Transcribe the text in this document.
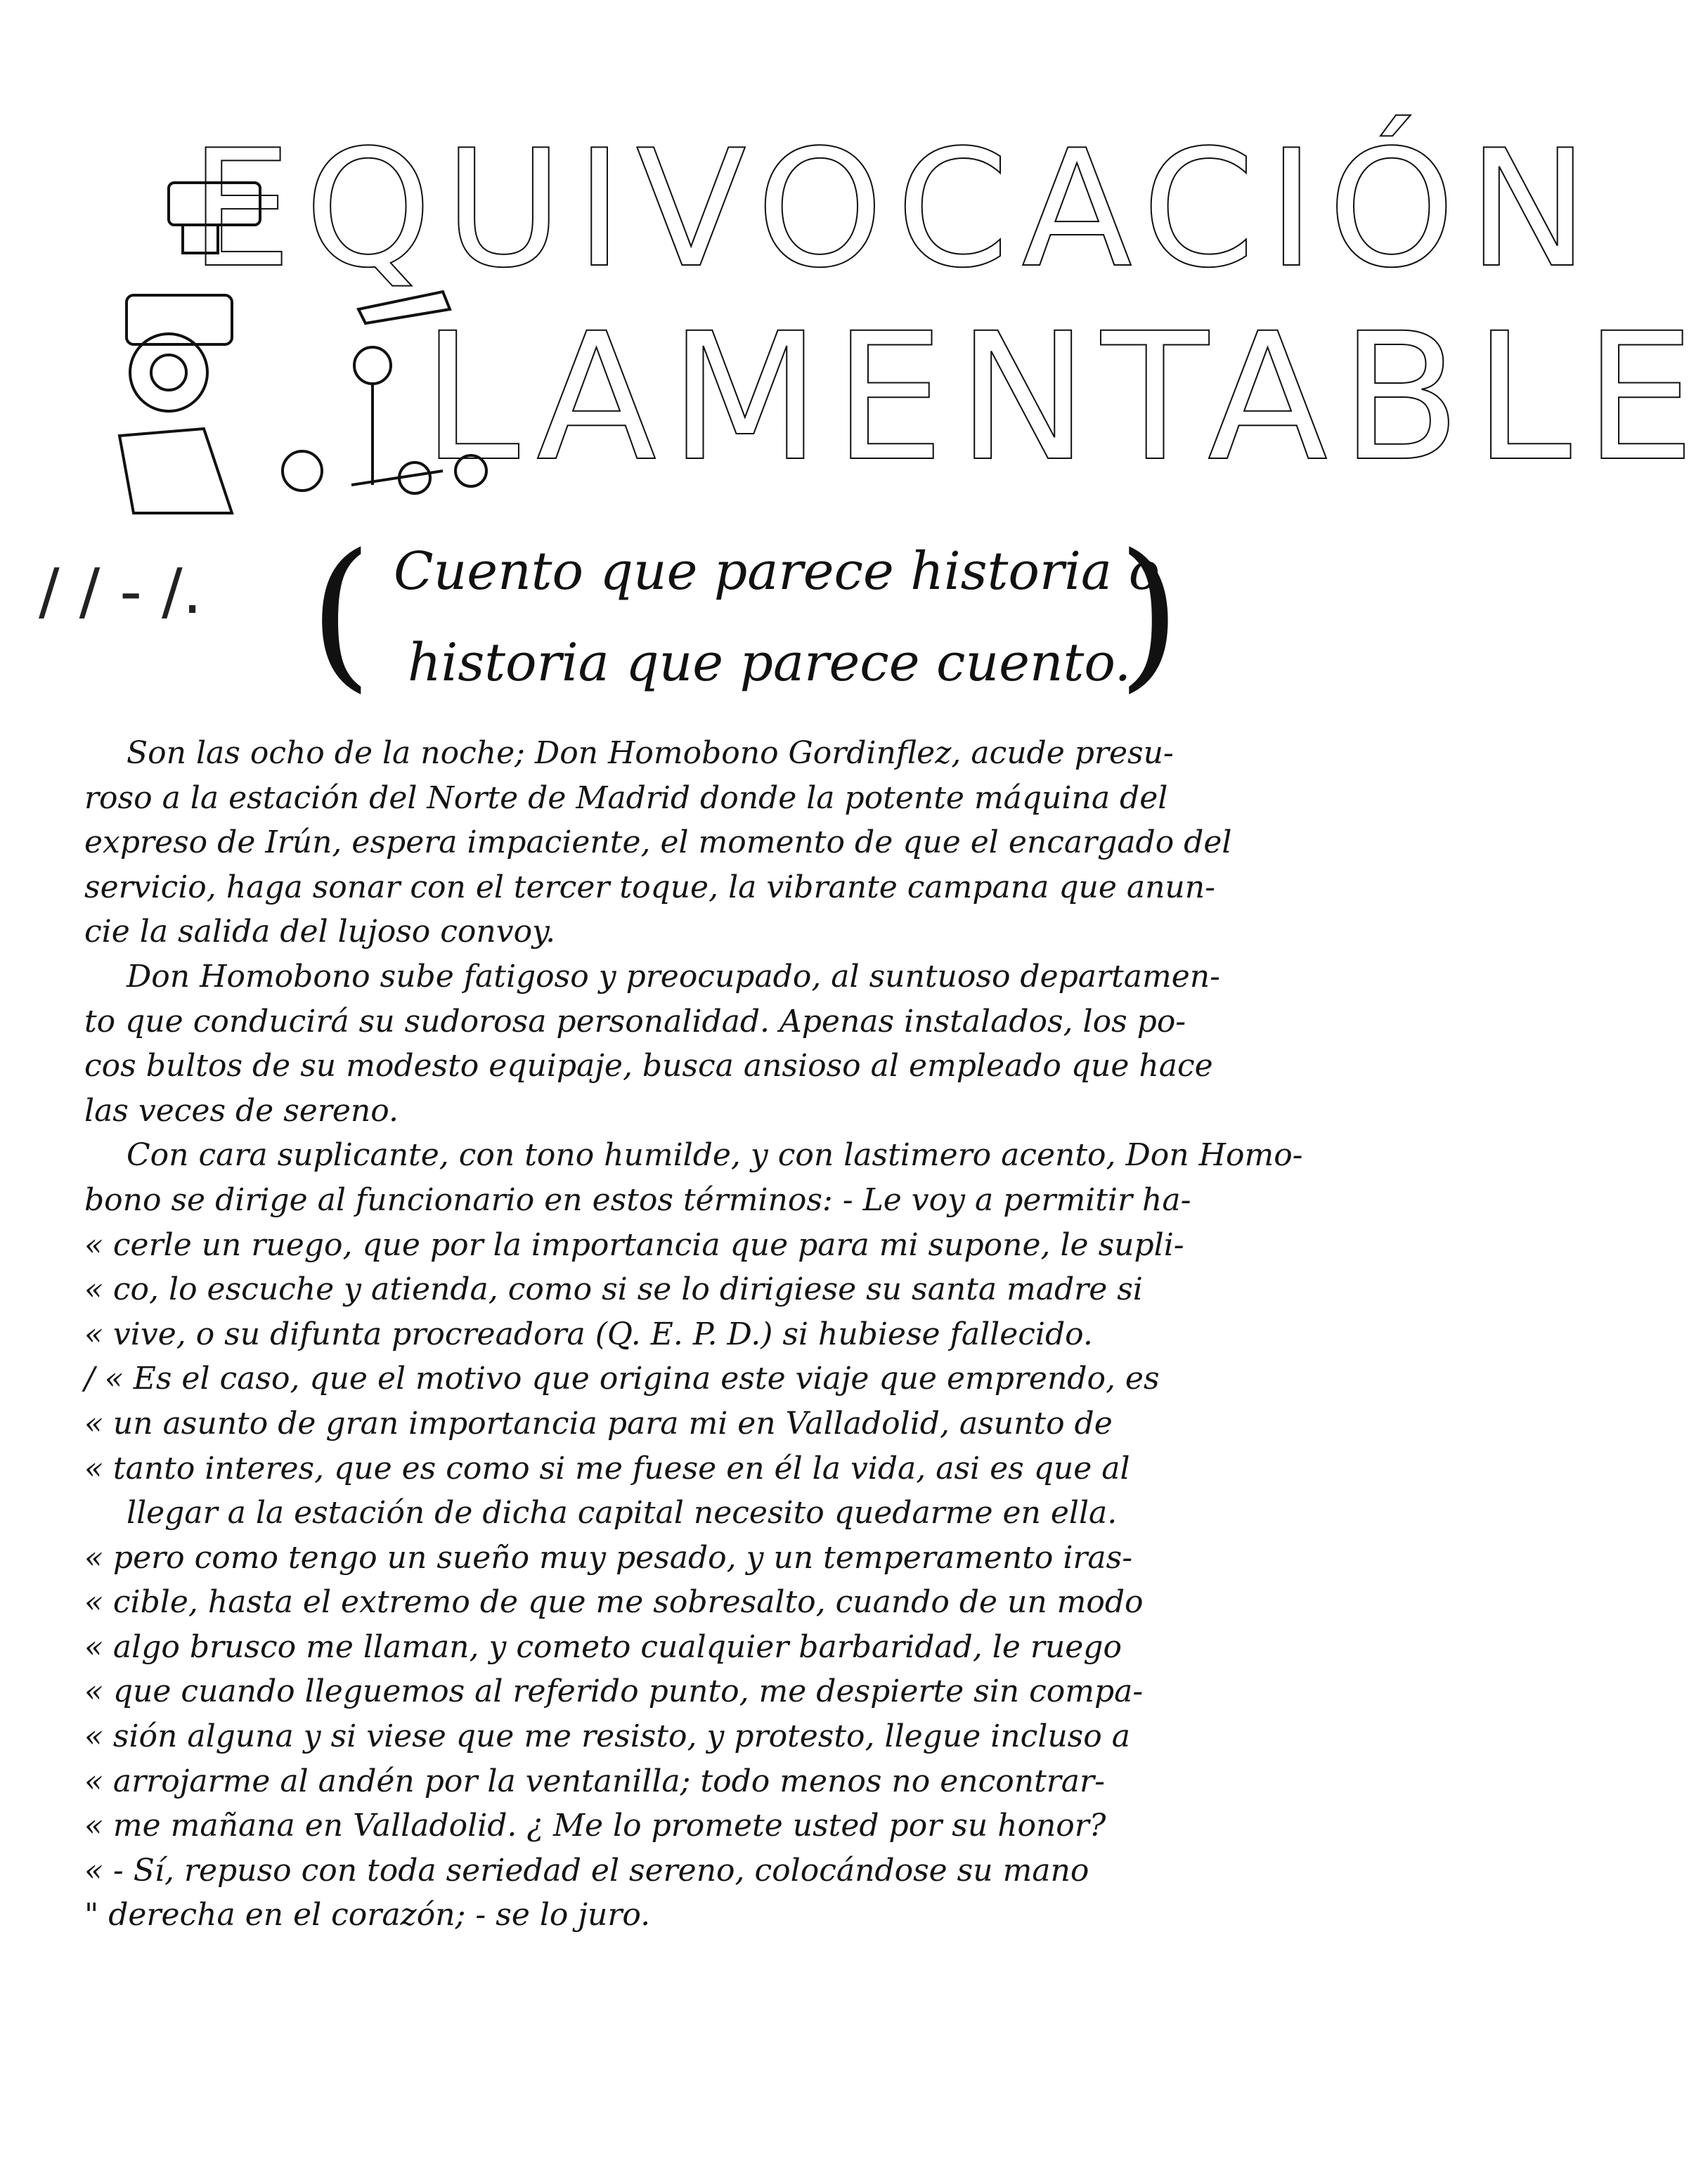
EQUIVOCACIÓN
LAMENTABLE
/ / - /. ( Cuento que parece historia o
historia que parece cuento.
)

Son las ocho de la noche; Don Homobono Gordinflez, acude presu-

roso a la estación del Norte de Madrid donde la potente máquina del

expreso de Irún, espera impaciente, el momento de que el encargado del

servicio, haga sonar con el tercer toque, la vibrante campana que anun-

cie la salida del lujoso convoy.

Don Homobono sube fatigoso y preocupado, al suntuoso departamen-

to que conducirá su sudorosa personalidad. Apenas instalados, los po-

cos bultos de su modesto equipaje, busca ansioso al empleado que hace

las veces de sereno.

Con cara suplicante, con tono humilde, y con lastimero acento, Don Homo-

bono se dirige al funcionario en estos términos: - Le voy a permitir ha-

« cerle un ruego, que por la importancia que para mi supone, le supli-

« co, lo escuche y atienda, como si se lo dirigiese su santa madre si

« vive, o su difunta procreadora (Q. E. P. D.) si hubiese fallecido.

/ « Es el caso, que el motivo que origina este viaje que emprendo, es

« un asunto de gran importancia para mi en Valladolid, asunto de

« tanto interes, que es como si me fuese en él la vida, asi es que al

llegar a la estación de dicha capital necesito quedarme en ella.

« pero como tengo un sueño muy pesado, y un temperamento iras-

« cible, hasta el extremo de que me sobresalto, cuando de un modo

« algo brusco me llaman, y cometo cualquier barbaridad, le ruego

« que cuando lleguemos al referido punto, me despierte sin compa-

« sión alguna y si viese que me resisto, y protesto, llegue incluso a

« arrojarme al andén por la ventanilla; todo menos no encontrar-

« me mañana en Valladolid. ¿ Me lo promete usted por su honor?

« - Sí, repuso con toda seriedad el sereno, colocándose su mano

" derecha en el corazón; - se lo juro.
